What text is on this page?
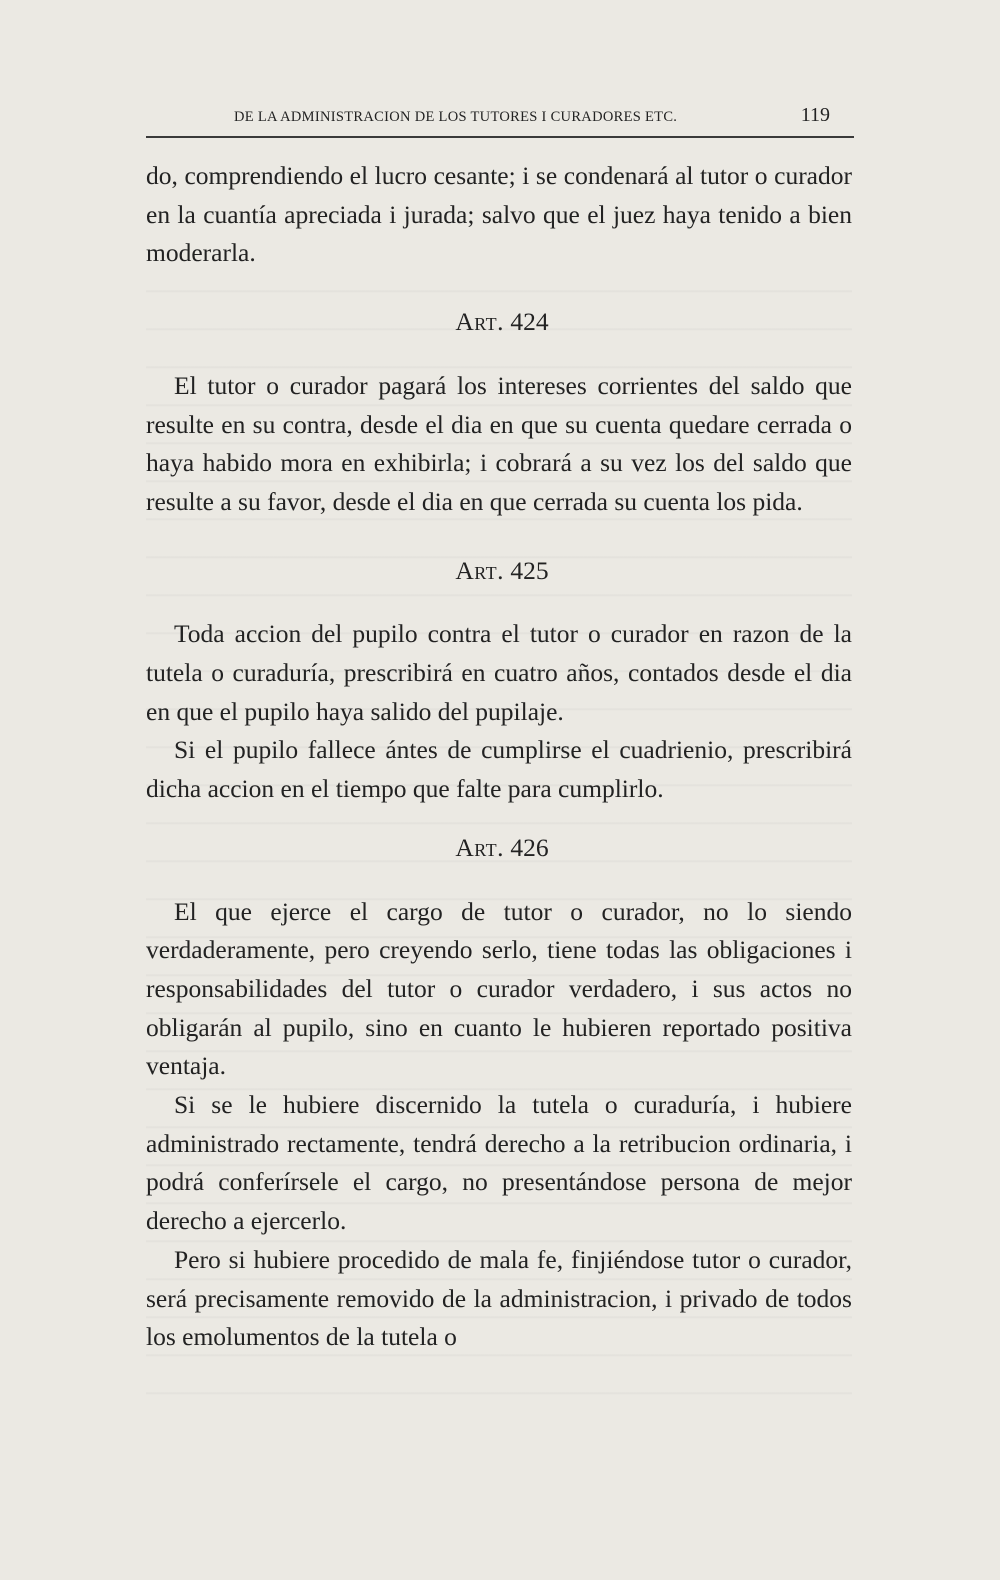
DE LA ADMINISTRACION DE LOS TUTORES I CURADORES ETC.	119

do, comprendiendo el lucro cesante; i se condenará al tutor o curador en la cuantía apreciada i jurada; salvo que el juez haya tenido a bien moderarla.

Art. 424

El tutor o curador pagará los intereses corrientes del saldo que resulte en su contra, desde el dia en que su cuenta quedare cerrada o haya habido mora en exhibirla; i cobrará a su vez los del saldo que resulte a su favor, desde el dia en que cerrada su cuenta los pida.

Art. 425

Toda accion del pupilo contra el tutor o curador en razon de la tutela o curaduría, prescribirá en cuatro años, contados desde el dia en que el pupilo haya salido del pupilaje.

Si el pupilo fallece ántes de cumplirse el cuadrienio, prescribirá dicha accion en el tiempo que falte para cumplirlo.

Art. 426

El que ejerce el cargo de tutor o curador, no lo siendo verdaderamente, pero creyendo serlo, tiene todas las obligaciones i responsabilidades del tutor o curador verdadero, i sus actos no obligarán al pupilo, sino en cuanto le hubieren reportado positiva ventaja.

Si se le hubiere discernido la tutela o curaduría, i hubiere administrado rectamente, tendrá derecho a la retribucion ordinaria, i podrá conferírsele el cargo, no presentándose persona de mejor derecho a ejercerlo.

Pero si hubiere procedido de mala fe, finjiéndose tutor o curador, será precisamente removido de la administracion, i privado de todos los emolumentos de la tutela o
